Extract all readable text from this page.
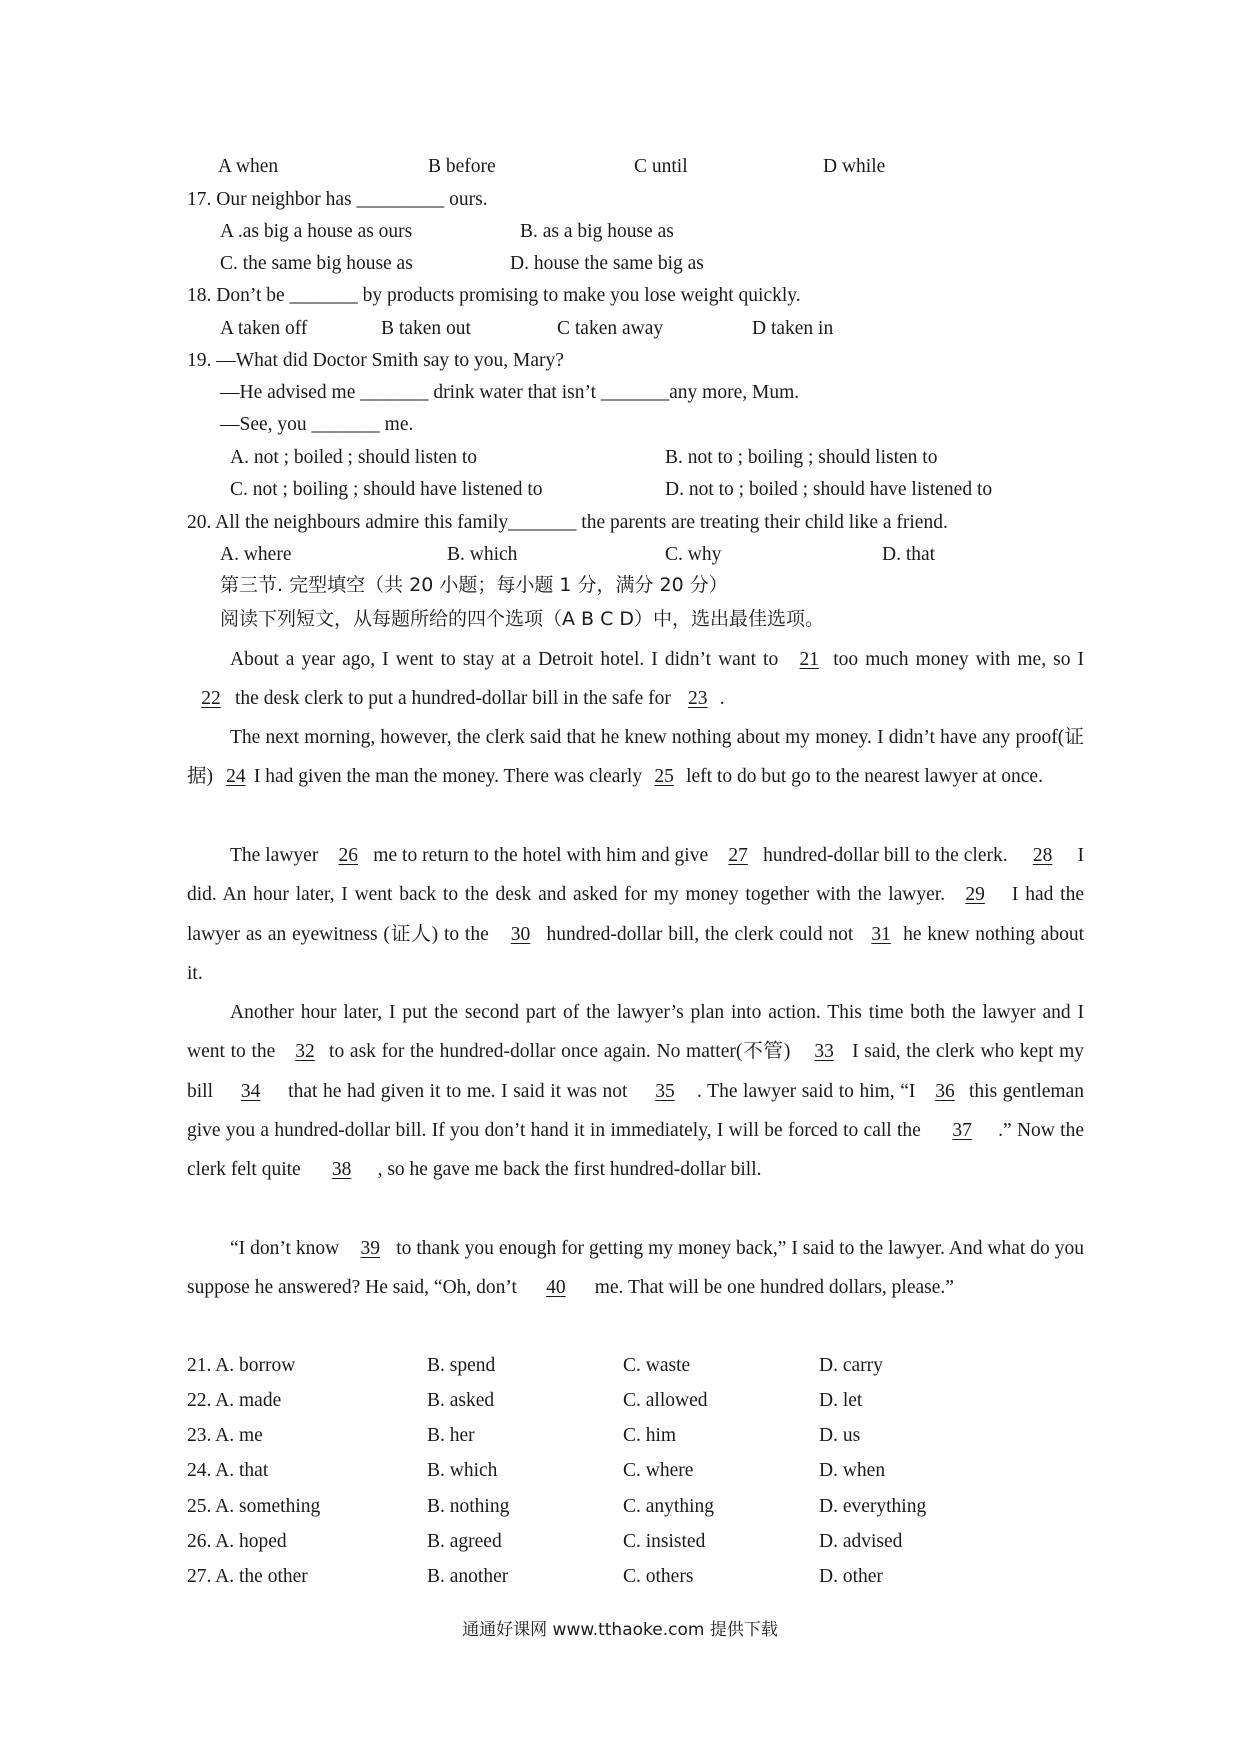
A when	B before	C until	D while
17. Our neighbor has _________ ours.
A .as big a house as ours	B. as a big house as
C. the same big house as	D. house the same big as
18. Don’t be _______ by products promising to make you lose weight quickly.
A taken off	B taken out	C taken away	D taken in
19. —What did Doctor Smith say to you, Mary?
—He advised me _______ drink water that isn’t _______any more, Mum.
—See, you _______ me.
A. not ; boiled ; should listen to	B. not to ; boiling ; should listen to
C. not ; boiling ; should have listened to	D. not to ; boiled ; should have listened to
20. All the neighbours admire this family_______ the parents are treating their child like a friend.
A. where	B. which	C. why	D. that
第三节. 完型填空（共 20 小题；每小题 1 分，满分 20 分）
阅读下列短文，从每题所给的四个选项（A B C D）中，选出最佳选项。
About a year ago, I went to stay at a Detroit hotel. I didn’t want to 21 too much money with me, so I 22 the desk clerk to put a hundred-dollar bill in the safe for 23 .
The next morning, however, the clerk said that he knew nothing about my money. I didn’t have any proof(证据) 24 I had given the man the money. There was clearly 25 left to do but go to the nearest lawyer at once.
The lawyer 26 me to return to the hotel with him and give 27 hundred-dollar bill to the clerk. 28 I did. An hour later, I went back to the desk and asked for my money together with the lawyer. 29 I had the lawyer as an eyewitness (证人) to the 30 hundred-dollar bill, the clerk could not 31 he knew nothing about it.
Another hour later, I put the second part of the lawyer’s plan into action. This time both the lawyer and I went to the 32 to ask for the hundred-dollar once again. No matter(不管) 33 I said, the clerk who kept my bill 34 that he had given it to me. I said it was not 35 . The lawyer said to him, “I 36 this gentleman give you a hundred-dollar bill. If you don’t hand it in immediately, I will be forced to call the 37 .” Now the clerk felt quite 38 , so he gave me back the first hundred-dollar bill.
“I don’t know 39 to thank you enough for getting my money back,” I said to the lawyer. And what do you suppose he answered? He said, “Oh, don’t 40 me. That will be one hundred dollars, please.”
21. A. borrow	B. spend	C. waste	D. carry
22. A. made	B. asked	C. allowed	D. let
23. A. me	B. her	C. him	D. us
24. A. that	B. which	C. where	D. when
25. A. something	B. nothing	C. anything	D. everything
26. A. hoped	B. agreed	C. insisted	D. advised
27. A. the other	B. another	C. others	D. other
通通好课网 www.tthaoke.com 提供下载
